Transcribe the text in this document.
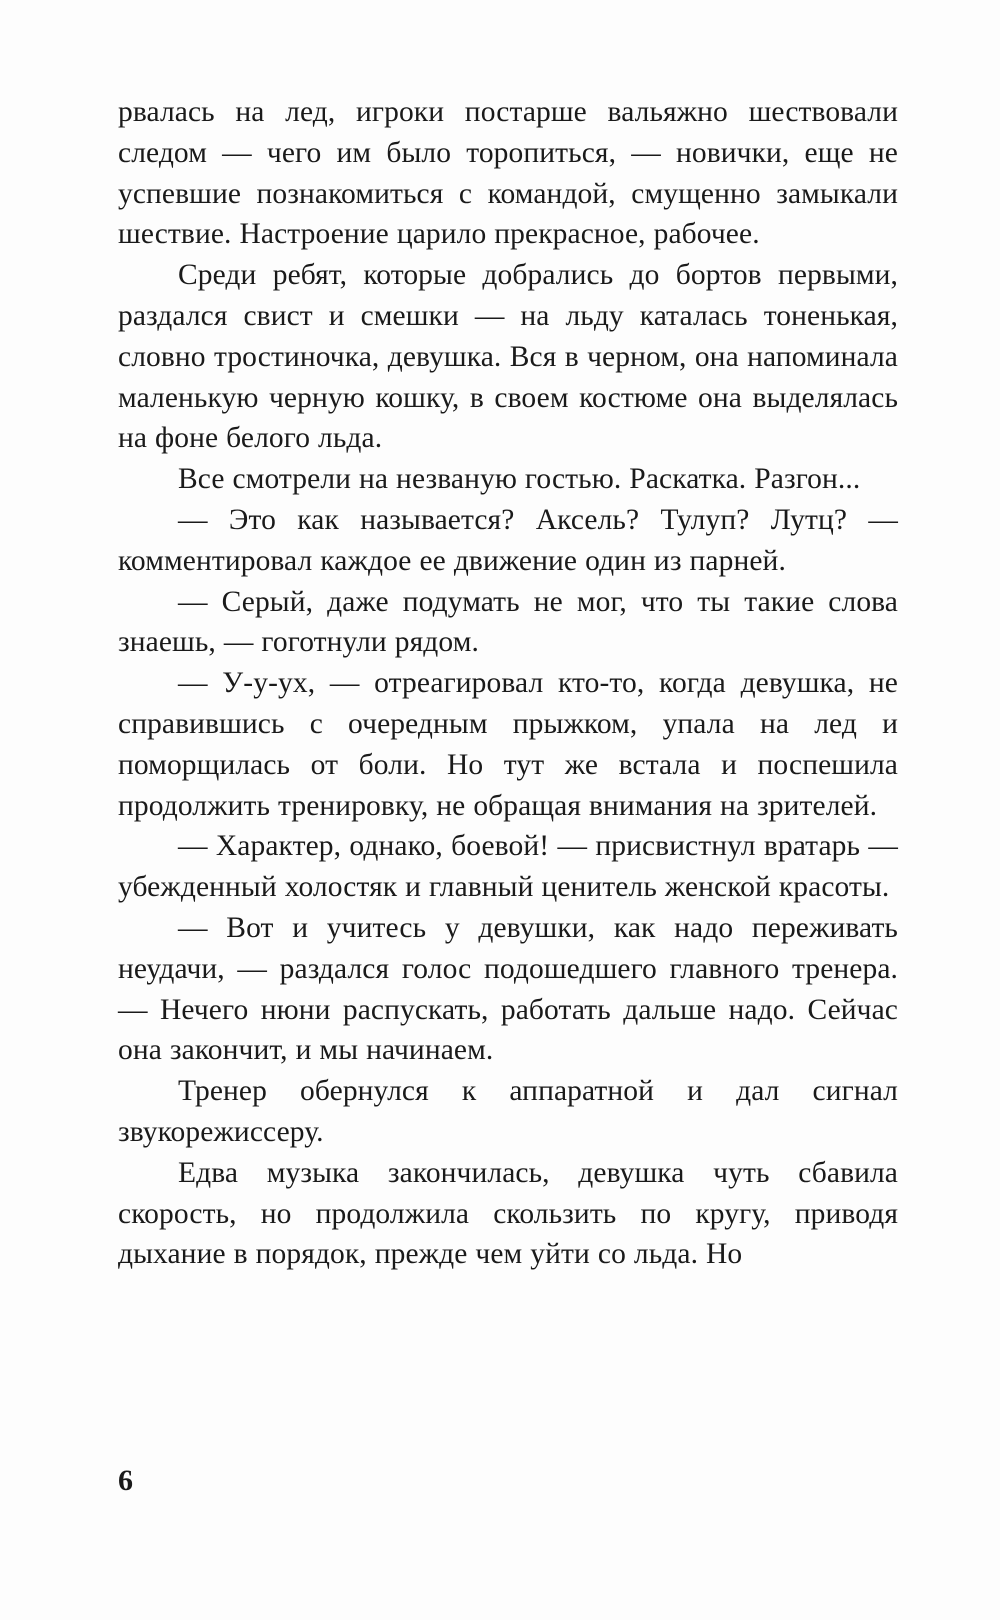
рвалась на лед, игроки постарше вальяжно шествовали следом — чего им было торопиться, — новички, еще не успевшие познакомиться с командой, смущенно замыкали шествие. Настроение царило прекрасное, рабочее.

Среди ребят, которые добрались до бортов первыми, раздался свист и смешки — на льду каталась тоненькая, словно тростиночка, девушка. Вся в черном, она напоминала маленькую черную кошку, в своем костюме она выделялась на фоне белого льда.

Все смотрели на незваную гостью. Раскатка. Разгон...

— Это как называется? Аксель? Тулуп? Лутц? — комментировал каждое ее движение один из парней.

— Серый, даже подумать не мог, что ты такие слова знаешь, — гоготнули рядом.

— У-у-ух, — отреагировал кто-то, когда девушка, не справившись с очередным прыжком, упала на лед и поморщилась от боли. Но тут же встала и поспешила продолжить тренировку, не обращая внимания на зрителей.

— Характер, однако, боевой! — присвистнул вратарь — убежденный холостяк и главный ценитель женской красоты.

— Вот и учитесь у девушки, как надо переживать неудачи, — раздался голос подошедшего главного тренера. — Нечего нюни распускать, работать дальше надо. Сейчас она закончит, и мы начинаем.

Тренер обернулся к аппаратной и дал сигнал звукорежиссеру.

Едва музыка закончилась, девушка чуть сбавила скорость, но продолжила скользить по кругу, приводя дыхание в порядок, прежде чем уйти со льда. Но

6
